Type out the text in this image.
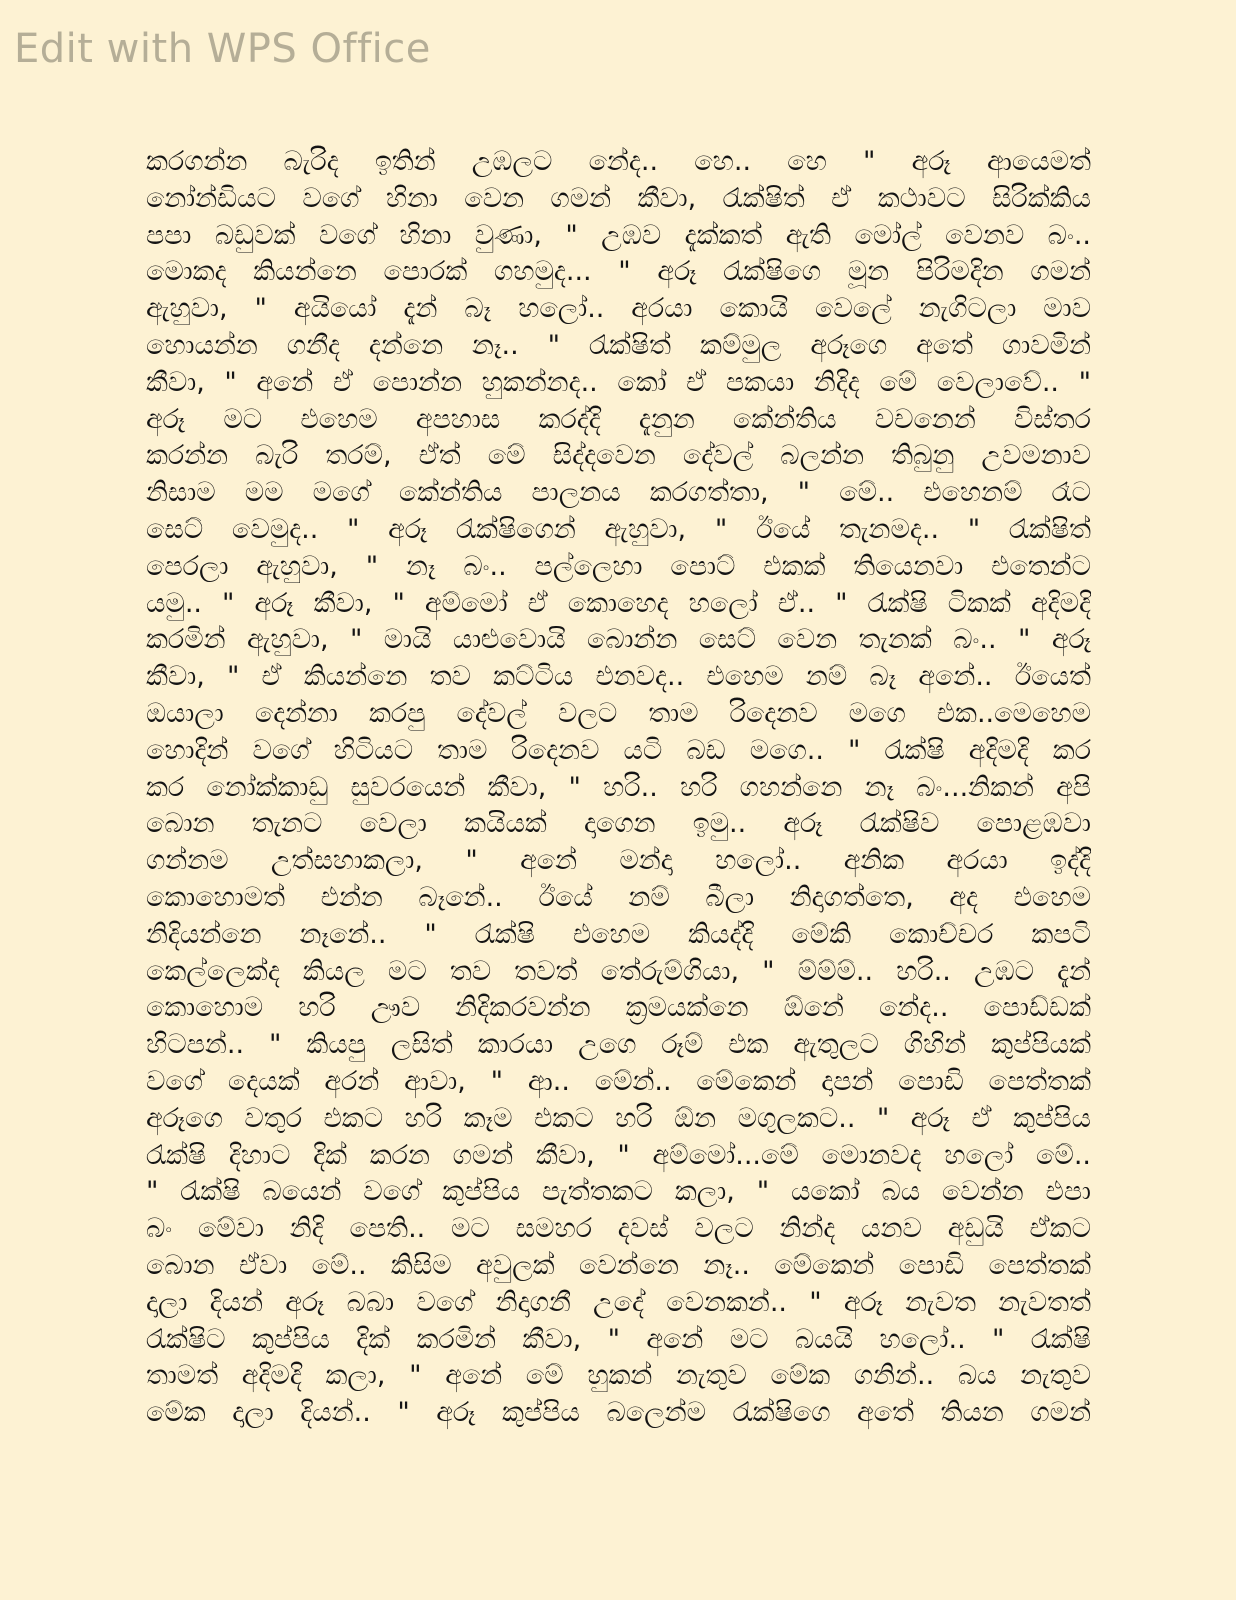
Edit with WPS Office
කරගන්න බැරිද ඉතින් උඹලට නේද.. හෙ.. හෙ " අරූ ආයෙමත්
නෝන්ඩියට වගේ හිනා වෙන ගමන් කීවා, රැක්ෂිත් ඒ කථාවට සිරික්කිය
පපා බඩුවක් වගේ හිනා වුණා, " උඹව දැක්කත් ඇති මෝල් වෙනව බං..
මොකද කියන්නෙ පොරක් ගහමුද... " අරූ රැක්ෂිගෙ මූන පිරිමදින ගමන්
ඇහුවා, " අයියෝ දැන් බෑ හලෝ.. අරයා කොයි වෙලේ නැගිටලා මාව
හොයන්න ගනීද දන්නෙ නෑ.. " රැක්ෂිත් කම්මුල අරූගෙ අතේ ගාවමින්
කීවා, " අනේ ඒ පොන්න හුකන්නද.. කෝ ඒ පකයා නිදිද මේ වෙලාවේ.. "
අරූ මට එහෙම අපහාස කරද්දි දැනුන කේන්තිය වචනෙන් විස්තර
කරන්න බැරි තරම්, ඒත් මේ සිද්දවෙන දේවල් බලන්න තිබුනු උවමනාව
නිසාම මම මගේ කේන්තිය පාලනය කරගත්තා, " මේ.. එහෙනම් රෑට
සෙට් වෙමුද.. " අරූ රැක්ෂිගෙන් ඇහුවා, " ඊයේ තැනමද.. " රැක්ෂිත්
පෙරලා ඇහුවා, " නෑ බං.. පල්ලෙහා පොට් එකක් තියෙනවා එතෙන්ට
යමු.. " අරූ කීවා, " අම්මෝ ඒ කොහෙද හලෝ ඒ.. " රැක්ෂි ටිකක් අදිමදි
කරමින් ඇහුවා, " මායි යාළුවොයි බොන්න සෙට් වෙන තැනක් බං.. " අරූ
කීවා, " ඒ කියන්නෙ තව කට්ටිය එනවද.. එහෙම නම් බෑ අනේ.. ඊයෙත්
ඔයාලා දෙන්නා කරපු දේවල් වලට තාම රිදෙනව මගෙ එක..මෙහෙම
හොදින් වගේ හිටියට තාම රිදෙනව යටි බඩ මගෙ.. " රැක්ෂි අදිමදි කර
කර නෝක්කාඩු සුවරයෙන් කීවා, " හරි.. හරි ගහන්නෙ නෑ බං...නිකන් අපි
බොන තැනට වෙලා කයියක් දාගෙන ඉමු.. අරූ රැක්ෂිව පොළඹවා
ගන්නම උත්සහාකලා, " අනේ මන්දා හලෝ.. අනික අරයා ඉද්දි
කොහොමත් එන්න බෑනේ.. ඊයේ නම් බීලා නිදාගත්තෙ, අද එහෙම
නිදියන්නෙ නෑනේ.. " රැක්ෂි එහෙම කියද්දි මේකි කොච්චර කපටි
කෙල්ලෙක්ද කියල මට තව තවත් තේරුම්ගියා, " ම්ම්ම්.. හරි.. උඹට දැන්
කොහොම හරි ඌව නිදිකරවන්න ක්‍රමයක්නෙ ඕනේ නේද.. පොඩ්ඩක්
හිටපන්.. " කියපු ලසිත් කාරයා උගෙ රූම් එක ඇතුලට ගිහින් කුප්පියක්
වගේ දෙයක් අරන් ආවා, " ආ.. මේන්.. මේකෙන් දාපන් පොඩි පෙත්තක්
අරූගෙ වතුර එකට හරි කෑම එකට හරි ඕන මගුලකට.. " අරූ ඒ කුප්පිය
රැක්ෂි දිහාට දික් කරන ගමන් කීවා, " අම්මෝ...මේ මොනවද හලෝ මේ..
" රැක්ෂි බයෙන් වගේ කුප්පිය පැත්තකට කලා, " යකෝ බය වෙන්න එපා
බං මේවා නිදි පෙති.. මට සමහර දවස් වලට නින්ද යනව අඩුයි ඒකට
බොන ඒවා මේ.. කිසිම අවුලක් වෙන්නෙ නෑ.. මේකෙන් පොඩි පෙත්තක්
දාලා දියන් අරූ බබා වගේ නිදාගනී උදේ වෙනකන්.. " අරූ නැවත නැවතත්
රැක්ෂිට කුප්පිය දික් කරමින් කීවා, " අනේ මට බයයි හලෝ.. " රැක්ෂි
තාමත් අදිමදි කලා, " අනේ මේ හුකන් නැතුව මේක ගනින්.. බය නැතුව
මේක දාලා දියන්.. " අරූ කුප්පිය බලෙන්ම රැක්ෂිගෙ අතේ තියන ගමන්
